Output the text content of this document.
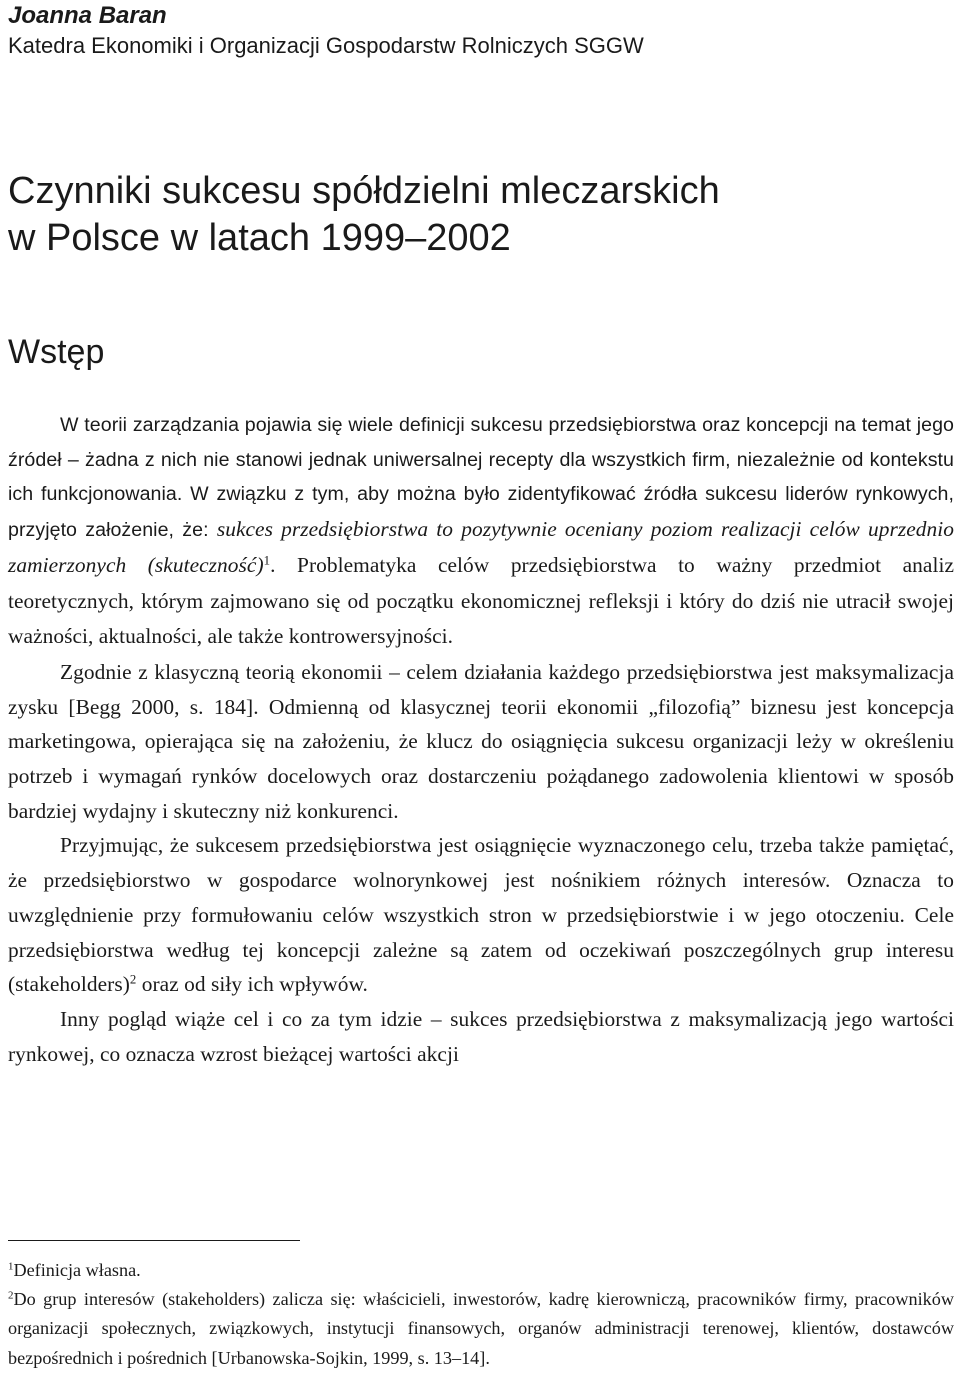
Joanna Baran

Katedra Ekonomiki i Organizacji Gospodarstw Rolniczych SGGW

Czynniki sukcesu spółdzielni mleczarskich
w Polsce w latach 1999–2002
Wstęp

W teorii zarządzania pojawia się wiele definicji sukcesu przedsiębiorstwa oraz koncepcji na temat jego źródeł – żadna z nich nie stanowi jednak uniwersalnej recepty dla wszystkich firm, niezależnie od kontekstu ich funkcjonowania. W związku z tym, aby można było zidentyfikować źródła sukcesu liderów rynkowych, przyjęto założenie, że: sukces przedsiębiorstwa to pozytywnie oceniany poziom realizacji celów uprzednio zamierzonych (skuteczność)$^1$. Problematyka celów przedsiębiorstwa to ważny przedmiot analiz teoretycznych, którym zajmowano się od początku ekonomicznej refleksji i który do dziś nie utracił swojej ważności, aktualności, ale także kontrowersyjności.

Zgodnie z klasyczną teorią ekonomii – celem działania każdego przedsiębiorstwa jest maksymalizacja zysku [Begg 2000, s. 184]. Odmienną od klasycznej teorii ekonomii „filozofią” biznesu jest koncepcja marketingowa, opierająca się na założeniu, że klucz do osiągnięcia sukcesu organizacji leży w określeniu potrzeb i wymagań rynków docelowych oraz dostarczeniu pożądanego zadowolenia klientowi w sposób bardziej wydajny i skuteczny niż konkurenci.

Przyjmując, że sukcesem przedsiębiorstwa jest osiągnięcie wyznaczonego celu, trzeba także pamiętać, że przedsiębiorstwo w gospodarce wolnorynkowej jest nośnikiem różnych interesów. Oznacza to uwzględnienie przy formułowaniu celów wszystkich stron w przedsiębiorstwie i w jego otoczeniu. Cele przedsiębiorstwa według tej koncepcji zależne są zatem od oczekiwań poszczególnych grup interesu (stakeholders)$^2$ oraz od siły ich wpływów.

Inny pogląd wiąże cel i co za tym idzie – sukces przedsiębiorstwa z maksymalizacją jego wartości rynkowej, co oznacza wzrost bieżącej wartości akcji

$^1$Definicja własna.

$^2$Do grup interesów (stakeholders) zalicza się: właścicieli, inwestorów, kadrę kierowniczą, pracowników firmy, pracowników organizacji społecznych, związkowych, instytucji finansowych, organów administracji terenowej, klientów, dostawców bezpośrednich i pośrednich [Urbanowska-Sojkin, 1999, s. 13–14].
